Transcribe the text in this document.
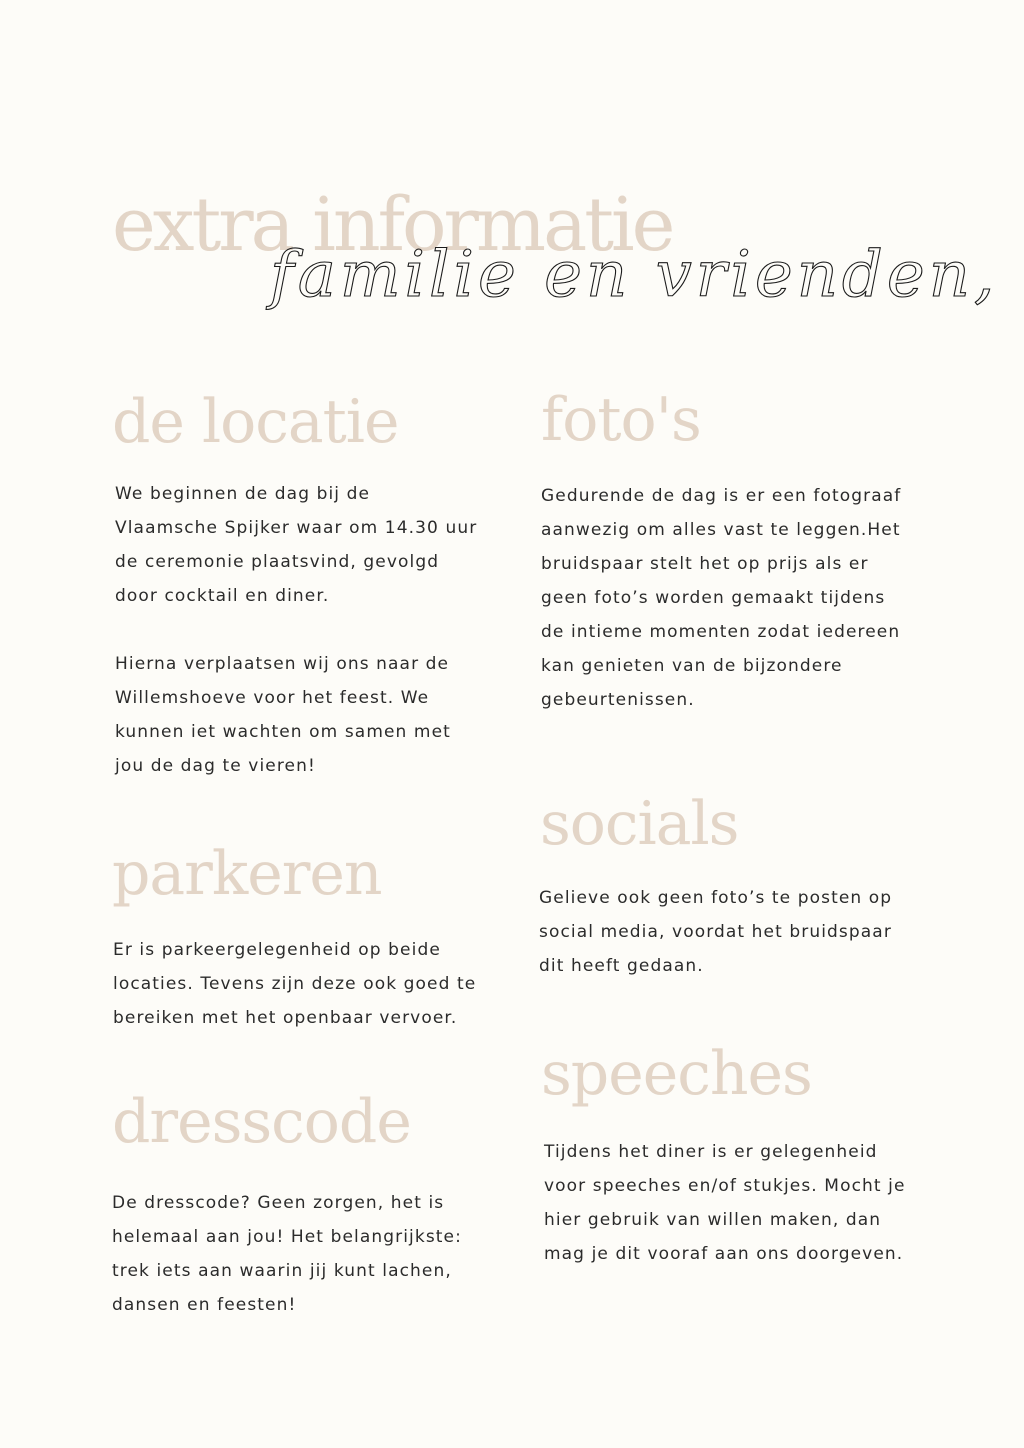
extra informatie
familie en vrienden,
de locatie

We beginnen de dag bij de
Vlaamsche Spijker waar om 14.30 uur
de ceremonie plaatsvind, gevolgd
door cocktail en diner.

Hierna verplaatsen wij ons naar de
Willemshoeve voor het feest. We
kunnen iet wachten om samen met
jou de dag te vieren!

parkeren

Er is parkeergelegenheid op beide
locaties. Tevens zijn deze ook goed te
bereiken met het openbaar vervoer.

dresscode

De dresscode? Geen zorgen, het is
helemaal aan jou! Het belangrijkste:
trek iets aan waarin jij kunt lachen,
dansen en feesten!

foto's

Gedurende de dag is er een fotograaf
aanwezig om alles vast te leggen.Het
bruidspaar stelt het op prijs als er
geen foto’s worden gemaakt tijdens
de intieme momenten zodat iedereen
kan genieten van de bijzondere
gebeurtenissen.

socials

Gelieve ook geen foto’s te posten op
social media, voordat het bruidspaar
dit heeft gedaan.

speeches

Tijdens het diner is er gelegenheid
voor speeches en/of stukjes. Mocht je
hier gebruik van willen maken, dan
mag je dit vooraf aan ons doorgeven.
